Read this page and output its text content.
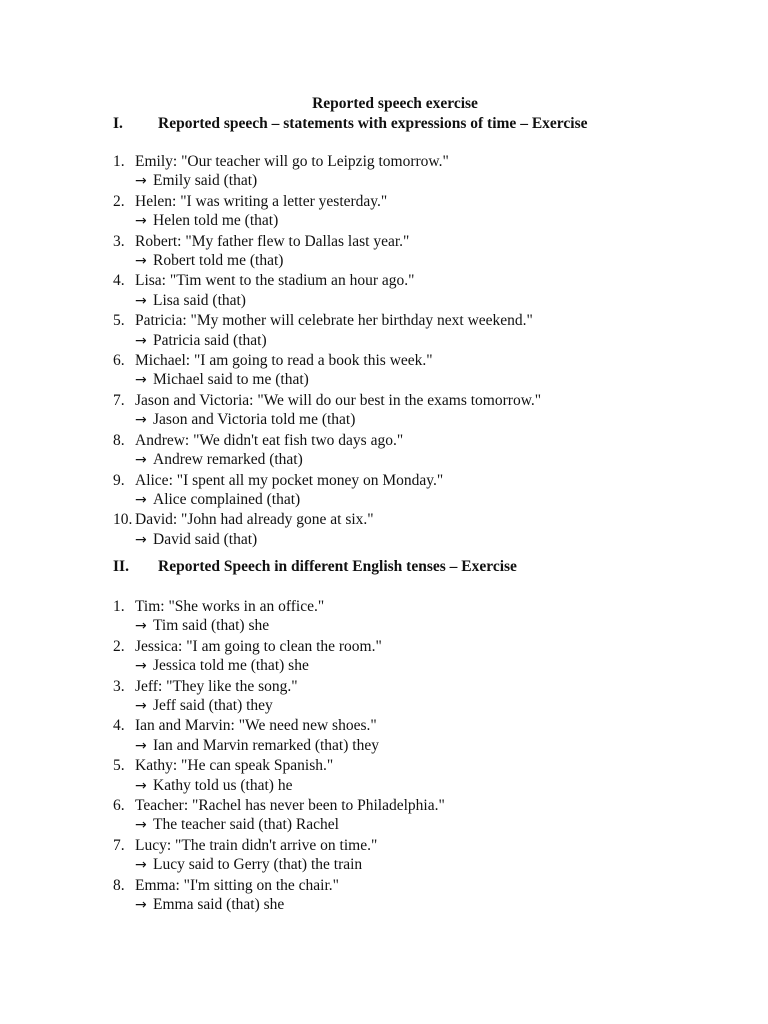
Reported speech exercise
I. Reported speech – statements with expressions of time – Exercise
1. Emily: "Our teacher will go to Leipzig tomorrow."
→ Emily said (that)
2. Helen: "I was writing a letter yesterday."
→ Helen told me (that)
3. Robert: "My father flew to Dallas last year."
→ Robert told me (that)
4. Lisa: "Tim went to the stadium an hour ago."
→ Lisa said (that)
5. Patricia: "My mother will celebrate her birthday next weekend."
→ Patricia said (that)
6. Michael: "I am going to read a book this week."
→ Michael said to me (that)
7. Jason and Victoria: "We will do our best in the exams tomorrow."
→ Jason and Victoria told me (that)
8. Andrew: "We didn't eat fish two days ago."
→ Andrew remarked (that)
9. Alice: "I spent all my pocket money on Monday."
→ Alice complained (that)
10. David: "John had already gone at six."
→ David said (that)
II. Reported Speech in different English tenses – Exercise
1. Tim: "She works in an office."
→ Tim said (that) she
2. Jessica: "I am going to clean the room."
→ Jessica told me (that) she
3. Jeff: "They like the song."
→ Jeff said (that) they
4. Ian and Marvin: "We need new shoes."
→ Ian and Marvin remarked (that) they
5. Kathy: "He can speak Spanish."
→ Kathy told us (that) he
6. Teacher: "Rachel has never been to Philadelphia."
→ The teacher said (that) Rachel
7. Lucy: "The train didn't arrive on time."
→ Lucy said to Gerry (that) the train
8. Emma: "I'm sitting on the chair."
→ Emma said (that) she
